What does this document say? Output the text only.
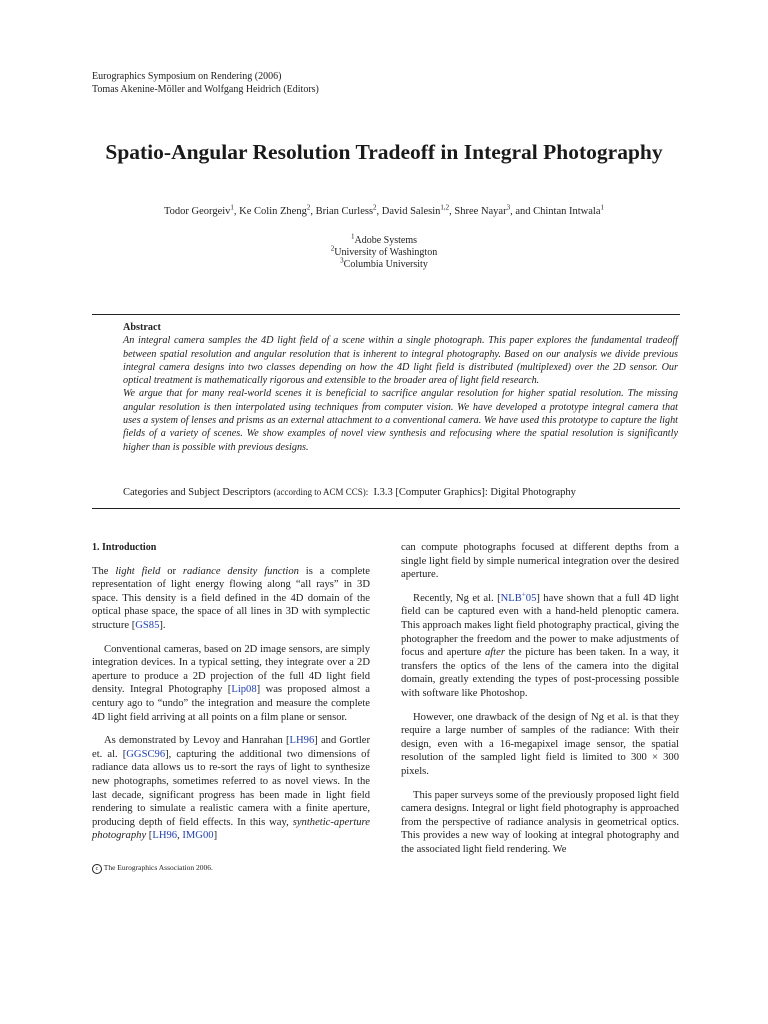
Eurographics Symposium on Rendering (2006)
Tomas Akenine-Möller and Wolfgang Heidrich (Editors)
Spatio-Angular Resolution Tradeoff in Integral Photography
Todor Georgeiv$^1$, Ke Colin Zheng$^2$, Brian Curless$^2$, David Salesin$^{1,2}$, Shree Nayar$^3$, and Chintan Intwala$^1$
$^1$Adobe Systems
$^2$University of Washington
$^3$Columbia University
Abstract

An integral camera samples the 4D light field of a scene within a single photograph. This paper explores the fundamental tradeoff between spatial resolution and angular resolution that is inherent to integral photography. Based on our analysis we divide previous integral camera designs into two classes depending on how the 4D light field is distributed (multiplexed) over the 2D sensor. Our optical treatment is mathematically rigorous and extensible to the broader area of light field research.

We argue that for many real-world scenes it is beneficial to sacrifice angular resolution for higher spatial resolution. The missing angular resolution is then interpolated using techniques from computer vision. We have developed a prototype integral camera that uses a system of lenses and prisms as an external attachment to a conventional camera. We have used this prototype to capture the light fields of a variety of scenes. We show examples of novel view synthesis and refocusing where the spatial resolution is significantly higher than is possible with previous designs.

Categories and Subject Descriptors (according to ACM CCS): I.3.3 [Computer Graphics]: Digital Photography
1. Introduction

The light field or radiance density function is a complete representation of light energy flowing along “all rays” in 3D space. This density is a field defined in the 4D domain of the optical phase space, the space of all lines in 3D with symplectic structure [GS85].

Conventional cameras, based on 2D image sensors, are simply integration devices. In a typical setting, they integrate over a 2D aperture to produce a 2D projection of the full 4D light field density. Integral Photography [Lip08] was proposed almost a century ago to “undo” the integration and measure the complete 4D light field arriving at all points on a film plane or sensor.

As demonstrated by Levoy and Hanrahan [LH96] and Gortler et. al. [GGSC96], capturing the additional two dimensions of radiance data allows us to re-sort the rays of light to synthesize new photographs, sometimes referred to as novel views. In the last decade, significant progress has been made in light field rendering to simulate a realistic camera with a finite aperture, producing depth of field effects. In this way, synthetic-aperture photography [LH96, IMG00]

can compute photographs focused at different depths from a single light field by simple numerical integration over the desired aperture.

Recently, Ng et al. [NLB+05] have shown that a full 4D light field can be captured even with a hand-held plenoptic camera. This approach makes light field photography practical, giving the photographer the freedom and the power to make adjustments of focus and aperture after the picture has been taken. In a way, it transfers the optics of the lens of the camera into the digital domain, greatly extending the types of post-processing possible with software like Photoshop.

However, one drawback of the design of Ng et al. is that they require a large number of samples of the radiance: With their design, even with a 16-megapixel image sensor, the spatial resolution of the sampled light field is limited to 300 × 300 pixels.

This paper surveys some of the previously proposed light field camera designs. Integral or light field photography is approached from the perspective of radiance analysis in geometrical optics. This provides a new way of looking at integral photography and the associated light field rendering. We

c The Eurographics Association 2006.
